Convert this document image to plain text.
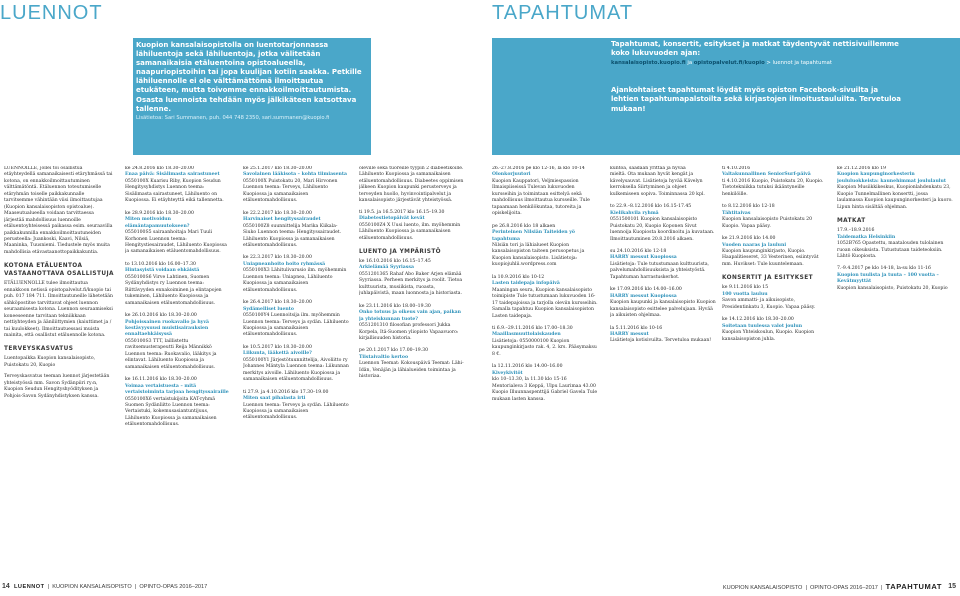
LUENNOT	TAPAHTUMAT
Kuopion kansalaisopistolla on luentotarjonnassa lähiluentoja sekä lähiluentoja, jotka välitetään samanaikaisia etäluentoina opistoalueella, naapuriopistoihin tai jopa kuulijan kotiin saakka. Petkille lähiluennolle ei ole välttämättömä ilmoittautua etukäteen, mutta toivomme ennakkoilmoittautumista. Osasta luennoista tehdään myös jälkikäteen katsottava tallenne.
Lisätietoa: Sari Summanen, puh. 044 748 2350, sari.summanen@kuopio.fi
Tapahtumat, konsertit, esitykset ja matkat täydentyvät nettisivuillemme koko lukuvuoden ajan:
kansalaisopisto.kuopio.fi ja opistopalvelut.fi/kuopio > luennot ja tapahtumat
Ajankohtaiset tapahtumat löydät myös opiston Facebook-sivuilta ja lehtien tapahtumapalstoilta sekä kirjastojen ilmoitustauluilta. Tervetuloa mukaan!

LUENNOILLE, jollei toi osallistua etäyhteydellä samanaikaisesti etäryhmässä tai kotona, on ennakkoilmoittautuminen välttämätöntä. Etäluennon toteutumiselle etäryhmän toiselle paikkakunnalle tarvitsemme vähintään viisi ilmoittautujaa (Kuopion kansalaisopiston opistoalue). Maaseutualueella voidaan tarvittaessa järjestää mahdollisuus luennoille etäluentoyhteisessä paikassa esim. seuraavilla paikkakunnilla ennakkoilmoittautuneiden perusteella: Juankoski, Kaavi, Nilsiä, Maaninka, Tuusniemi. Tiedustele myös muita mahdollisia etävastaanottopaikkakuntia.

KOTONA ETÄLUENTOA VASTAANOTTAVA OSALLISTUJA

ETÄLUENNOLLE tulee ilmoittautua ennakkoon netissä opistopalvelut.fi/kuopio tai puh. 017 184 711. Ilmoittautuneille lähetetään sähköpostitse tarvittavat ohjeet luennon seuraamisesta kotona. Luennon seuraamiseksi koneeseenne tarvitaan tekniikkaan nettiyhteyden ja ääniliittymien (kaiuttimet ja / tai kuulokkeet). Ilmoittautuessasi muista mainita, että osallistut etäluennolle kotona.

TERVEYSKASVATUS

Luentopaikka Kuopion kansalaisopisto, Puistokatu 20, Kuopio

Terveyskasvatus teeman luennot järjestetään yhteistyössä mm. Savon Sydänpiiri ry:n, Kuopion Seudun Hengityshyödityksen ja Pohjois-Savon Sydänyhdistyksen kanssa.

ke 24.8.2016 klo 18.30–20.00
Enaa päivä: Sisälimasta sairastuneet
0550100X Kuarisu Riby, Kuopion Seudun Hengitysyhdistys Luennon teema: Sisälimasta sairastuneet, Lähiluento on Kuopiossa. Ei etäyhteyttä eikä tallennetta.
ke 28.9.2016 klo 18.30–20.00
Miten motivoidun elämäntapamuutokseen?
0550100S5 sairaanhoitaja Mari Tuuli Korhonen Luennon teema: Hengitystiesairaudet, Lähiluento Kuopiossa ja samanaikaisen etäluentomahdollisuus.
to 13.10.2016 klo 16.00–17.30
Hintasyistä voidaan ehkäistä
0550100S6 Virve Lahtinen, Suomen Sydänyhdistys ry Luennon teema: Riittävyyden ennakoiminen ja elintapojen tukeminen, Lähiluento Kuopiossa ja samanaikaisen etäluentomahdollisuus.
ke 26.10.2016 klo 18.30–20.00
Pohjoissainen ruokavalio ja hyvä kestävyysuusi muistisairauksien ennaltaehkäisyssä
0550100S3 TTT, laillistettu ravitsemusterapeutti Reija Männikkö Luennon teema: Ruokavalio, lääkitys ja elintavat. Lähiluento Kuopiossa ja samanaikaisen etäluentomahdollisuus.
ke 16.11.2016 klo 18.30–20.00
Voimaa vertaistuesta – mitä vertaistoiminta tarjoaa hengityssairaille
0550100X6 vertaistukijoita KAT-ryhmä Suomen Sydänliitto Luennon teema: Vertaistuki, kokemusasiantuntijuus, Lähiluento Kuopiossa ja samanaikaisen etäluentomahdollisuus.
ke 25.1.2017 klo 18.30–20.00
Savolainen lääkisota – kohta tiimiasenta
0550100X Puistokatu 20, Mari Hirvonen Luennon teema: Terveys, Lähiluento Kuopiossa ja samanaikaisen etäluentomahdollisuus.
ke 22.2.2017 klo 18.30–20.00
Harvinaiset hengityssairaudet
0550100Z8 suunnittelija Marika Kiikala-Siuko Luennon teema: Hengityssairaudet. Lähiluento Kuopiossa ja samanaikaisen etäluentomahdollisuus.
ke 22.3.2017 klo 18.30–20.00
Uniapneanhoito hoito ryhmässä
0550100X3 Lähitulivarusio ilm. myöhemmin Luennon teema: Uniapnea, Lähiluento Kuopiossa ja samanaikaisen etäluentomahdollisuus.
ke 26.4.2017 klo 18.30–20.00
Sydämelliset luento
0550100Y4 Luennoitsija ilm. myöhemmin Luennon teema: Terveys ja sydän. Lähiluento Kuopiossa ja samanaikaisen etäluentomahdollisuus.
ke 10.5.2017 klo 18.30–20.00
Liikunta, lääkettä aivoille?
0550100Y1 Järjestötuunnittelija, Aivoliitto ry Johannes Mäntyla Luennon teema: Liikunnan merkitys aivoille. Lähiluento Kuopiossa ja samanaikaisen etäluentomahdollisuus.
ti 27.9. ja 4.10.2016 klo 17.30–19.00
Miten saat pihalasta irti
Luennon teema: Terveys ja sydän. Lähiluento Kuopiossa ja samanaikaisen etäluentomahdollisuus.

oleville sekä tuoreille tyypin 2 diabeetikoille. Lähiluento Kuopiossa ja samanaikaisen etäluentomahdollisuus. Diabeetes oppimisen jälkeen Kuopion kaupunki perusterveys ja terveyden huollo, hyvinvointipalvelut ja kansalaisopisto järjestävät yhteistyössä.

ti 19.5. ja 16.5.2017 klo 16.15–19.30
Diabetestietopäivät kevät
0550100Z4 X Uusi luento, ilm. myöhemmin Lähiluento Kuopiossa ja samanaikaisen etäluentomahdollisuus.
LUENTO JA YMPÄRISTÖ
ke 16.10.2016 klo 16.15–17.45
Arkielämää Syyriassa
0551201365 Rahaf Abo Baker Arjen elämää Syyriassa. Perheen merkitys ja roolit. Tietoa kulttuurista, musiikista, ruoasta, juhlapäivistä, maan luonnosta ja historiasta.
ke 23.11.2016 klo 18.00–19.30
Onko totuus ja oikeus vain ajan, paikan ja yhteiskunnan tuote?
0551201310 filosofian professori Jukka Korpela, Itä-Suomen yliopisto Vapaavuoro: kirjallisuuden historia.
pe 20.1.2017 klo 17.00–19.30
Tiistaivaltio kertoo
Luennon Teemat: Kokouspäivä Teemat: Lähi-Idän, Venäjän ja lähialueiden toimintaa ja historiaa.
26.-27.8.2016 pe klo 12-16, la klo 10-14
Olonkorjuutori
Kuopion Kauppatori, Veljmiespassion Ilmaispiiseissä Tulevan lukuvuoden kursseihin ja toimintaan esittelyä sekä mahdollisuus ilmoittautua kursseille. Tule tapaamaan henkilökuntaa, tutoreita ja opiskelijoita.
pe 26.8.2016 klo 18 alkaen
Perinteinen Nilsiän Taiteiden yö tapahtuma
Nilsiän tori ja lähialueet Kuopion kansalaisopiston taiteen perusopetus ja Kuopion kansalaisopisto. Lisätietoja: kuopiojuhlii.wordpress.com
la 10.9.2016 klo 10-12
Lasten taidepaja infopäivä
Maaningan seura, Kuopion kansalaisopisto toimipiste Tule tutustumaan lukuvuoden 16-17 taidepajoissa ja tarjolla oleviin kursseihin. Samalla tapahtuu Kuopion kansalaisopiston Lasten taidepaja.
ti 6.9.–29.11.2016 klo 17.00–18.30
Maaillasmuuttolaiskauden
Lisätietoja: 0550000100 Kuopion kaupunginkirjasto rak. 4, 2. krs. Pääsymaksu 8 €.
la 12.11.2016 klo 14.00–16.00
Kiveykivitöt
klo 10–13.30, la 11.30 klo 15-16 Mentorialeva 3 Keppä, Ulpu Laurimaa 43.00 Kuopio Illuunnaspenttijä Gabriel Gavela Tule mukaan lasten kanssa.
kuntoa, saadaan yrittää ja hyvää
mieltä. Ota mukaan hyvät kengät ja kävelysauvat. Lisätietoja hyvää Kävelyn kerroksella Siirtyminen ja ohjeet kulkemiseen sopiva. Toiminnassa 20 kpl.
to 22.9.–8.12.2016 klo 16.15-17.45
Kielikahvila ryhmä
0551500101 Kuopion kansalaisopisto Puistokatu 20, Kuopio Koponen Sivut luennoija Kuopiosta koordinoitu ja kuvataan. Ilmoittautuminen 20.8.2016 alkaen.
su 24.10.2016 klo 12-18
HARRY messut Kuopiossa
Lisätietoja: Tule tutustumaan kulttuurista, palvelumahdollisuuksista ja yhteistyöstä. Tapahtuman harrastuskerhot.
ke 17.09.2016 klo 14.00–16.00
HARRY messut Kuopiossa
Kuopion kaupunki ja kansalaisopisto Kuopion kansalaisopisto esittelee palvelujaan. Hyvää ja aikuisten ohjelmaa.
la 5.11.2016 klo 10-16
HARRY messut
Lisätietoja kotisivuilta. Tervetuloa mukaan!
ti 4.10.2016
Valtakunnallinen SeniorSurf-päivä
ti 4.10.2016 Kuopio, Puistokatu 20, Kuopio. Tietotekniikka tutuksi ikääntyneille henkilöille.
to 8.12.2016 klo 12-18
Tähtitaivas
Kuopion kansalaisopisto Puistokatu 20 Kuopio. Vapaa pääsy.
ke 21.9.2016 klo 14.00
Vuoden naaras ja lauluni
Kuopion kaupunginkirjasto, Kuopio. Haapalitieseret, 33 Vesterinen, esiintyvät mm. Huvikset: Tule kuuntelemaan.
KONSERTIT JA ESITYKSET
ke 9.11.2016 klo 15
100 vuotta lauluu
Savon ammatti- ja aikuisopisto, Presidentinkatu 3, Kuopio. Vapaa pääsy.
ke 14.12.2016 klo 18.30–20.00
Soitetaan tuulessa valot joulun
Kuopion Yhteiskoulun, Kuopio. Kuopion kansalaisopiston juhla.
ke 21.12.2016 klo 19
Kuopion kaupunginorkesterin joululuokkeista: kaunehimmat joululaulut
Kuopion Musiikkikeskus, Kuopionlahdenkatu 23, Kuopio Tunnelmallinen konsertti, jossa laulamassa Kuopion kaupunginorkesteri ja kuoro. Lipun hinta sisältää ohjelman.
MATKAT
17.9.–18.9.2016
Taidematka Helsinkiin
1052B765 Opastettu, maatalouden tulolainen ruoan oikeuksista. Tutustutaan taideteoksiin. Lähtö Kuopiosta.
7.-9.4.2017 pe klo 14-18, la-su klo 11-16
Kuopion tuulista ja tuuta – 100 vuotta – Kevätmyyttät
Kuopion kansalaisopisto, Puistokatu 20, Kuopio
14 LUENNOT  |  KUOPION KANSALAISOPISTO  |  OPINTO-OPAS 2016–2017	KUOPION KANSALAISOPISTO  |  OPINTO-OPAS 2016–2017  |  TAPAHTUMAT 15
